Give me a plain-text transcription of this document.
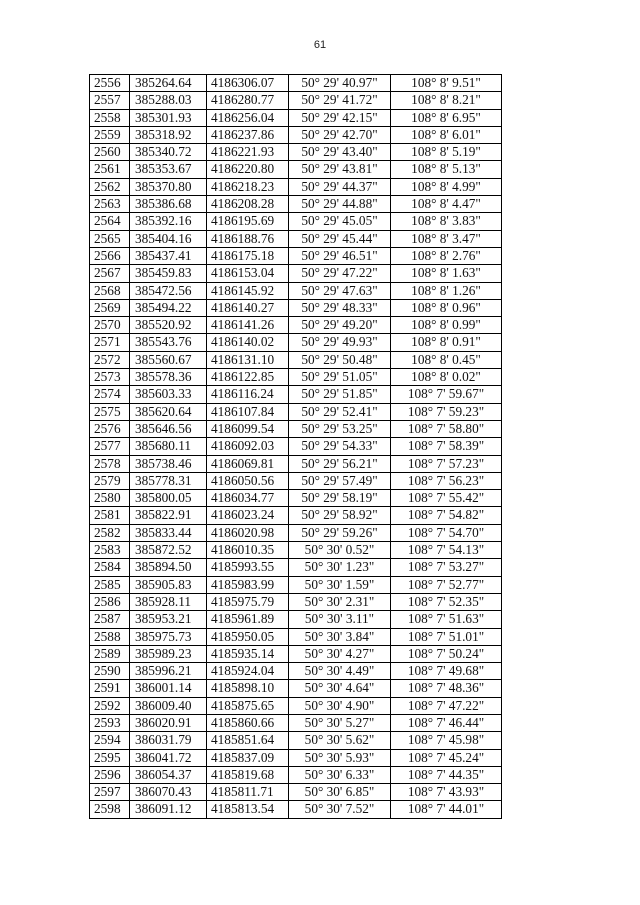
61
2556	385264.64	4186306.07	50° 29' 40.97"	108° 8' 9.51"
2557	385288.03	4186280.77	50° 29' 41.72"	108° 8' 8.21"
2558	385301.93	4186256.04	50° 29' 42.15"	108° 8' 6.95"
2559	385318.92	4186237.86	50° 29' 42.70"	108° 8' 6.01"
2560	385340.72	4186221.93	50° 29' 43.40"	108° 8' 5.19"
2561	385353.67	4186220.80	50° 29' 43.81"	108° 8' 5.13"
2562	385370.80	4186218.23	50° 29' 44.37"	108° 8' 4.99"
2563	385386.68	4186208.28	50° 29' 44.88"	108° 8' 4.47"
2564	385392.16	4186195.69	50° 29' 45.05"	108° 8' 3.83"
2565	385404.16	4186188.76	50° 29' 45.44"	108° 8' 3.47"
2566	385437.41	4186175.18	50° 29' 46.51"	108° 8' 2.76"
2567	385459.83	4186153.04	50° 29' 47.22"	108° 8' 1.63"
2568	385472.56	4186145.92	50° 29' 47.63"	108° 8' 1.26"
2569	385494.22	4186140.27	50° 29' 48.33"	108° 8' 0.96"
2570	385520.92	4186141.26	50° 29' 49.20"	108° 8' 0.99"
2571	385543.76	4186140.02	50° 29' 49.93"	108° 8' 0.91"
2572	385560.67	4186131.10	50° 29' 50.48"	108° 8' 0.45"
2573	385578.36	4186122.85	50° 29' 51.05"	108° 8' 0.02"
2574	385603.33	4186116.24	50° 29' 51.85"	108° 7' 59.67"
2575	385620.64	4186107.84	50° 29' 52.41"	108° 7' 59.23"
2576	385646.56	4186099.54	50° 29' 53.25"	108° 7' 58.80"
2577	385680.11	4186092.03	50° 29' 54.33"	108° 7' 58.39"
2578	385738.46	4186069.81	50° 29' 56.21"	108° 7' 57.23"
2579	385778.31	4186050.56	50° 29' 57.49"	108° 7' 56.23"
2580	385800.05	4186034.77	50° 29' 58.19"	108° 7' 55.42"
2581	385822.91	4186023.24	50° 29' 58.92"	108° 7' 54.82"
2582	385833.44	4186020.98	50° 29' 59.26"	108° 7' 54.70"
2583	385872.52	4186010.35	50° 30' 0.52"	108° 7' 54.13"
2584	385894.50	4185993.55	50° 30' 1.23"	108° 7' 53.27"
2585	385905.83	4185983.99	50° 30' 1.59"	108° 7' 52.77"
2586	385928.11	4185975.79	50° 30' 2.31"	108° 7' 52.35"
2587	385953.21	4185961.89	50° 30' 3.11"	108° 7' 51.63"
2588	385975.73	4185950.05	50° 30' 3.84"	108° 7' 51.01"
2589	385989.23	4185935.14	50° 30' 4.27"	108° 7' 50.24"
2590	385996.21	4185924.04	50° 30' 4.49"	108° 7' 49.68"
2591	386001.14	4185898.10	50° 30' 4.64"	108° 7' 48.36"
2592	386009.40	4185875.65	50° 30' 4.90"	108° 7' 47.22"
2593	386020.91	4185860.66	50° 30' 5.27"	108° 7' 46.44"
2594	386031.79	4185851.64	50° 30' 5.62"	108° 7' 45.98"
2595	386041.72	4185837.09	50° 30' 5.93"	108° 7' 45.24"
2596	386054.37	4185819.68	50° 30' 6.33"	108° 7' 44.35"
2597	386070.43	4185811.71	50° 30' 6.85"	108° 7' 43.93"
2598	386091.12	4185813.54	50° 30' 7.52"	108° 7' 44.01"
